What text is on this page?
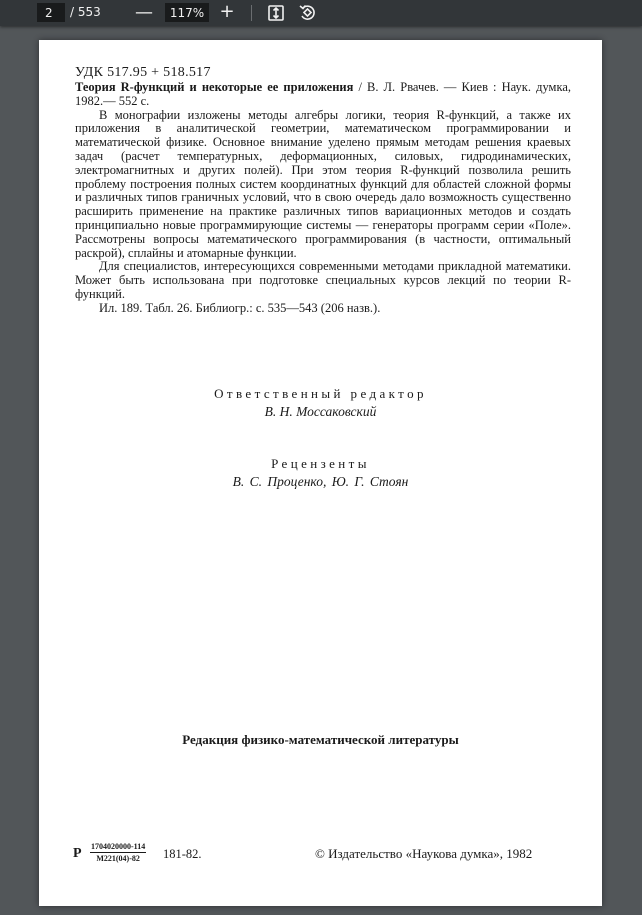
2	/ 553 —	117% +
УДК 517.95 + 518.517

Теория R-функций и некоторые ее приложения / В. Л. Рвачев. — Киев : Наук. думка, 1982.— 552 с.

В монографии изложены методы алгебры логики, теория R-функций, а также их приложения в аналитической геометрии, математическом программировании и математической физике. Основное внимание уделено прямым методам решения краевых задач (расчет температурных, деформационных, силовых, гидродинамических, электромагнитных и других полей). При этом теория R-функций позволила решить проблему построения полных систем координатных функций для областей сложной формы и различных типов граничных условий, что в свою очередь дало возможность существенно расширить применение на практике различных типов вариационных методов и создать принципиально новые программирующие системы — генераторы программ серии «Поле». Рассмотрены вопросы математического программирования (в частности, оптимальный раскрой), сплайны и атомарные функции.

Для специалистов, интересующихся современными методами прикладной математики. Может быть использована при подготовке специальных курсов лекций по теории R-функций.

Ил. 189. Табл. 26. Библиогр.: с. 535—543 (206 назв.).

Ответственный редактор
В. Н. Моссаковский
Рецензенты
В. С. Проценко, Ю. Г. Стоян
Редакция физико-математической литературы
Р 1704020000-114
М221(04)-82	181-82.	© Издательство «Наукова думка», 1982
